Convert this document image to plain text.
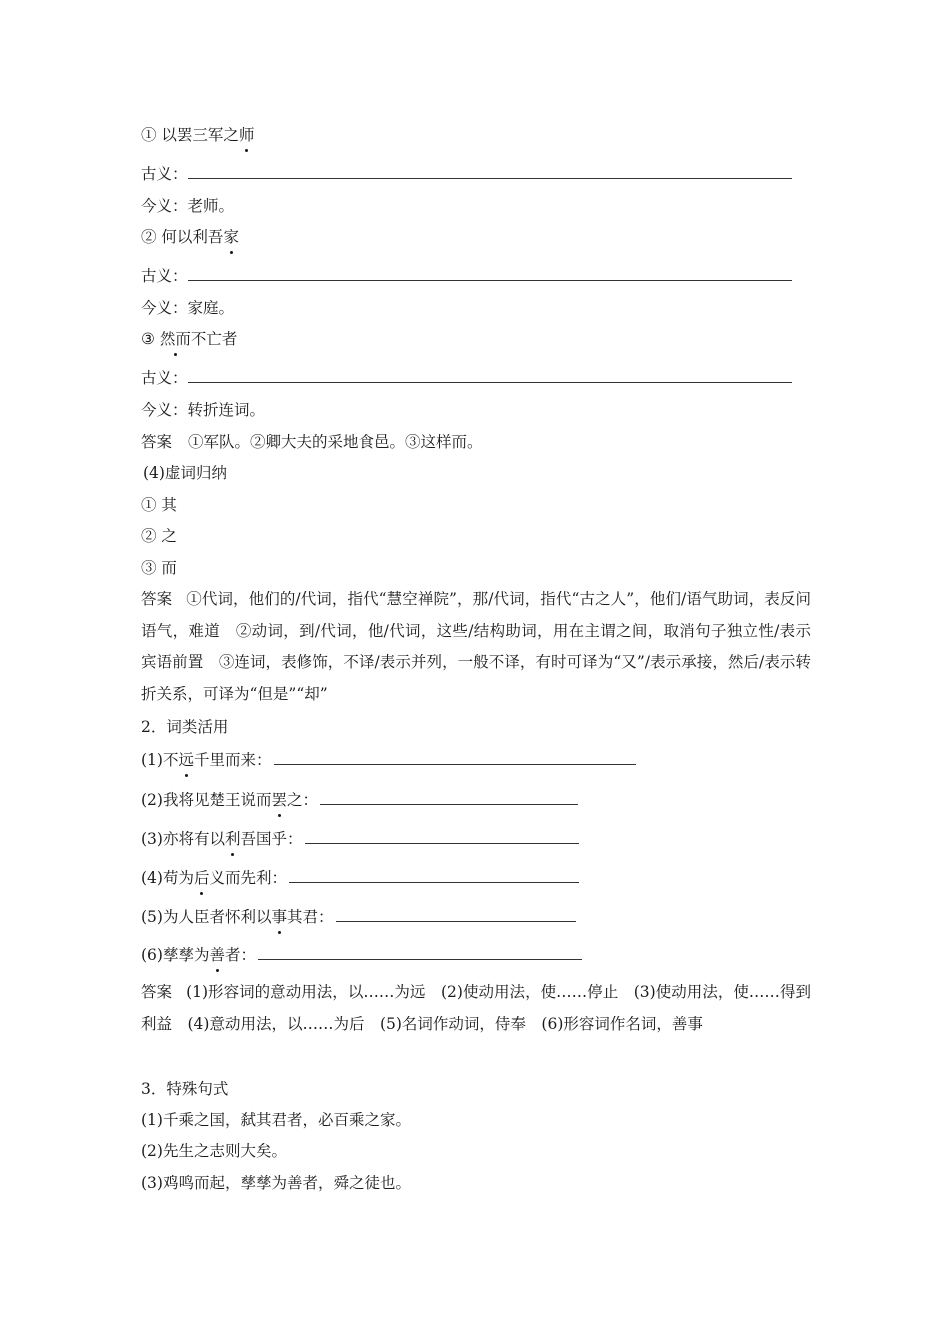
① 以罢三军之师
古义：
今义：老师。
② 何以利吾家
古义：
今义：家庭。
③ 然而不亡者
古义：
今义：转折连词。
答案 ①军队。②卿大夫的采地食邑。③这样而。
(4)虚词归纳
① 其
② 之
③ 而
答案 ①代词，他们的/代词，指代“慧空禅院”，那/代词，指代“古之人”，他们/语气助词，表反问语气，难道　②动词，到/代词，他/代词，这些/结构助词，用在主谓之间，取消句子独立性/表示宾语前置　③连词，表修饰，不译/表示并列，一般不译，有时可译为“又”/表示承接，然后/表示转折关系，可译为“但是”“却”
2．词类活用
(1)不远千里而来：
(2)我将见楚王说而罢之：
(3)亦将有以利吾国乎：
(4)苟为后义而先利：
(5)为人臣者怀利以事其君：
(6)孳孳为善者：
答案 (1)形容词的意动用法，以……为远　(2)使动用法，使……停止　(3)使动用法，使……得到利益　(4)意动用法，以……为后　(5)名词作动词，侍奉　(6)形容词作名词，善事
3．特殊句式
(1)千乘之国，弑其君者，必百乘之家。
(2)先生之志则大矣。
(3)鸡鸣而起，孳孳为善者，舜之徒也。
